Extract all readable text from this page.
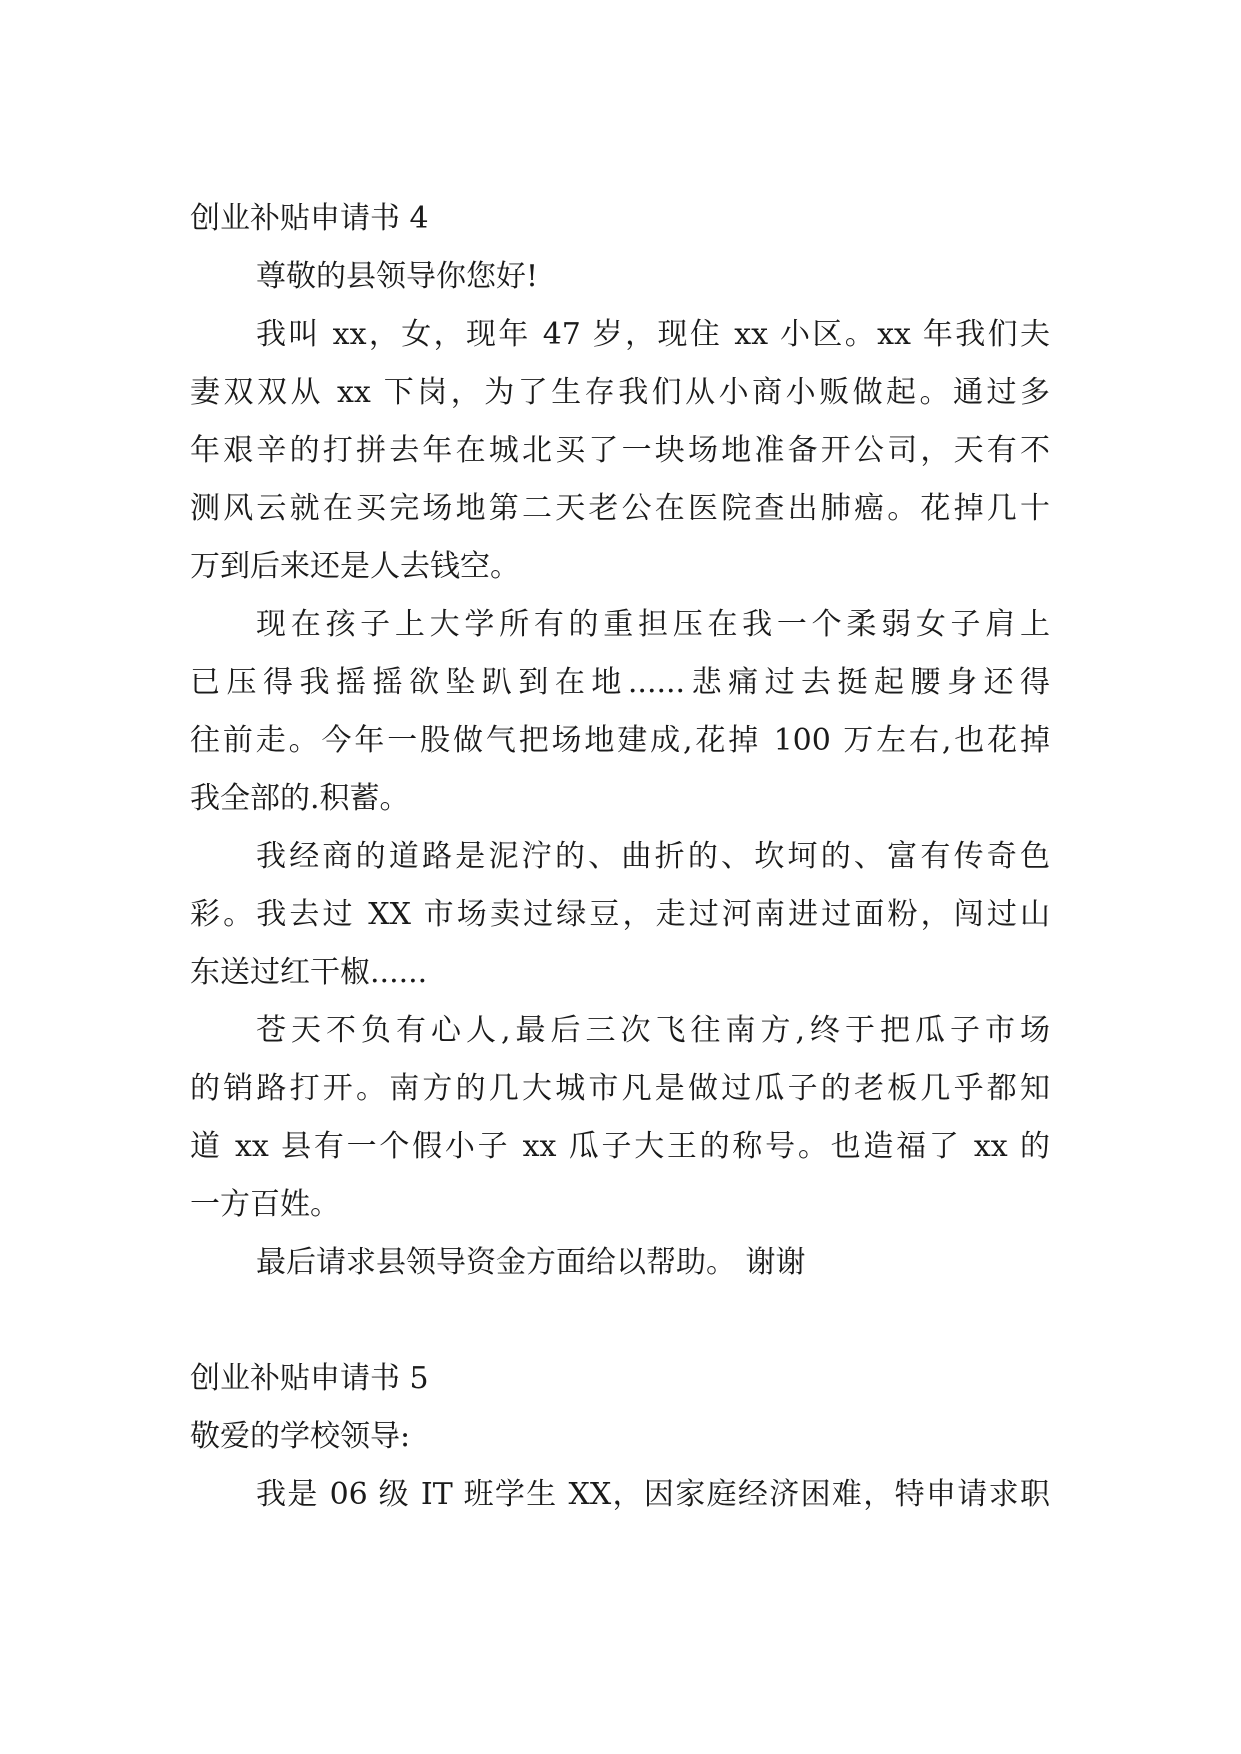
创业补贴申请书 4
尊敬的县领导你您好!
我叫 xx，女，现年 47 岁，现住 xx 小区。xx 年我们夫
妻双双从 xx 下岗，为了生存我们从小商小贩做起。通过多
年艰辛的打拼去年在城北买了一块场地准备开公司，天有不
测风云就在买完场地第二天老公在医院查出肺癌。花掉几十
万到后来还是人去钱空。
现在孩子上大学所有的重担压在我一个柔弱女子肩上
已压得我摇摇欲坠趴到在地......悲痛过去挺起腰身还得
往前走。今年一股做气把场地建成,花掉 100 万左右,也花掉
我全部的.积蓄。
我经商的道路是泥泞的、曲折的、坎坷的、富有传奇色
彩。我去过 XX 市场卖过绿豆，走过河南进过面粉，闯过山
东送过红干椒......
苍天不负有心人,最后三次飞往南方,终于把瓜子市场
的销路打开。南方的几大城市凡是做过瓜子的老板几乎都知
道 xx 县有一个假小子 xx 瓜子大王的称号。也造福了 xx 的
一方百姓。
最后请求县领导资金方面给以帮助。 谢谢
创业补贴申请书 5
敬爱的学校领导:
我是 06 级 IT 班学生 XX，因家庭经济困难，特申请求职
